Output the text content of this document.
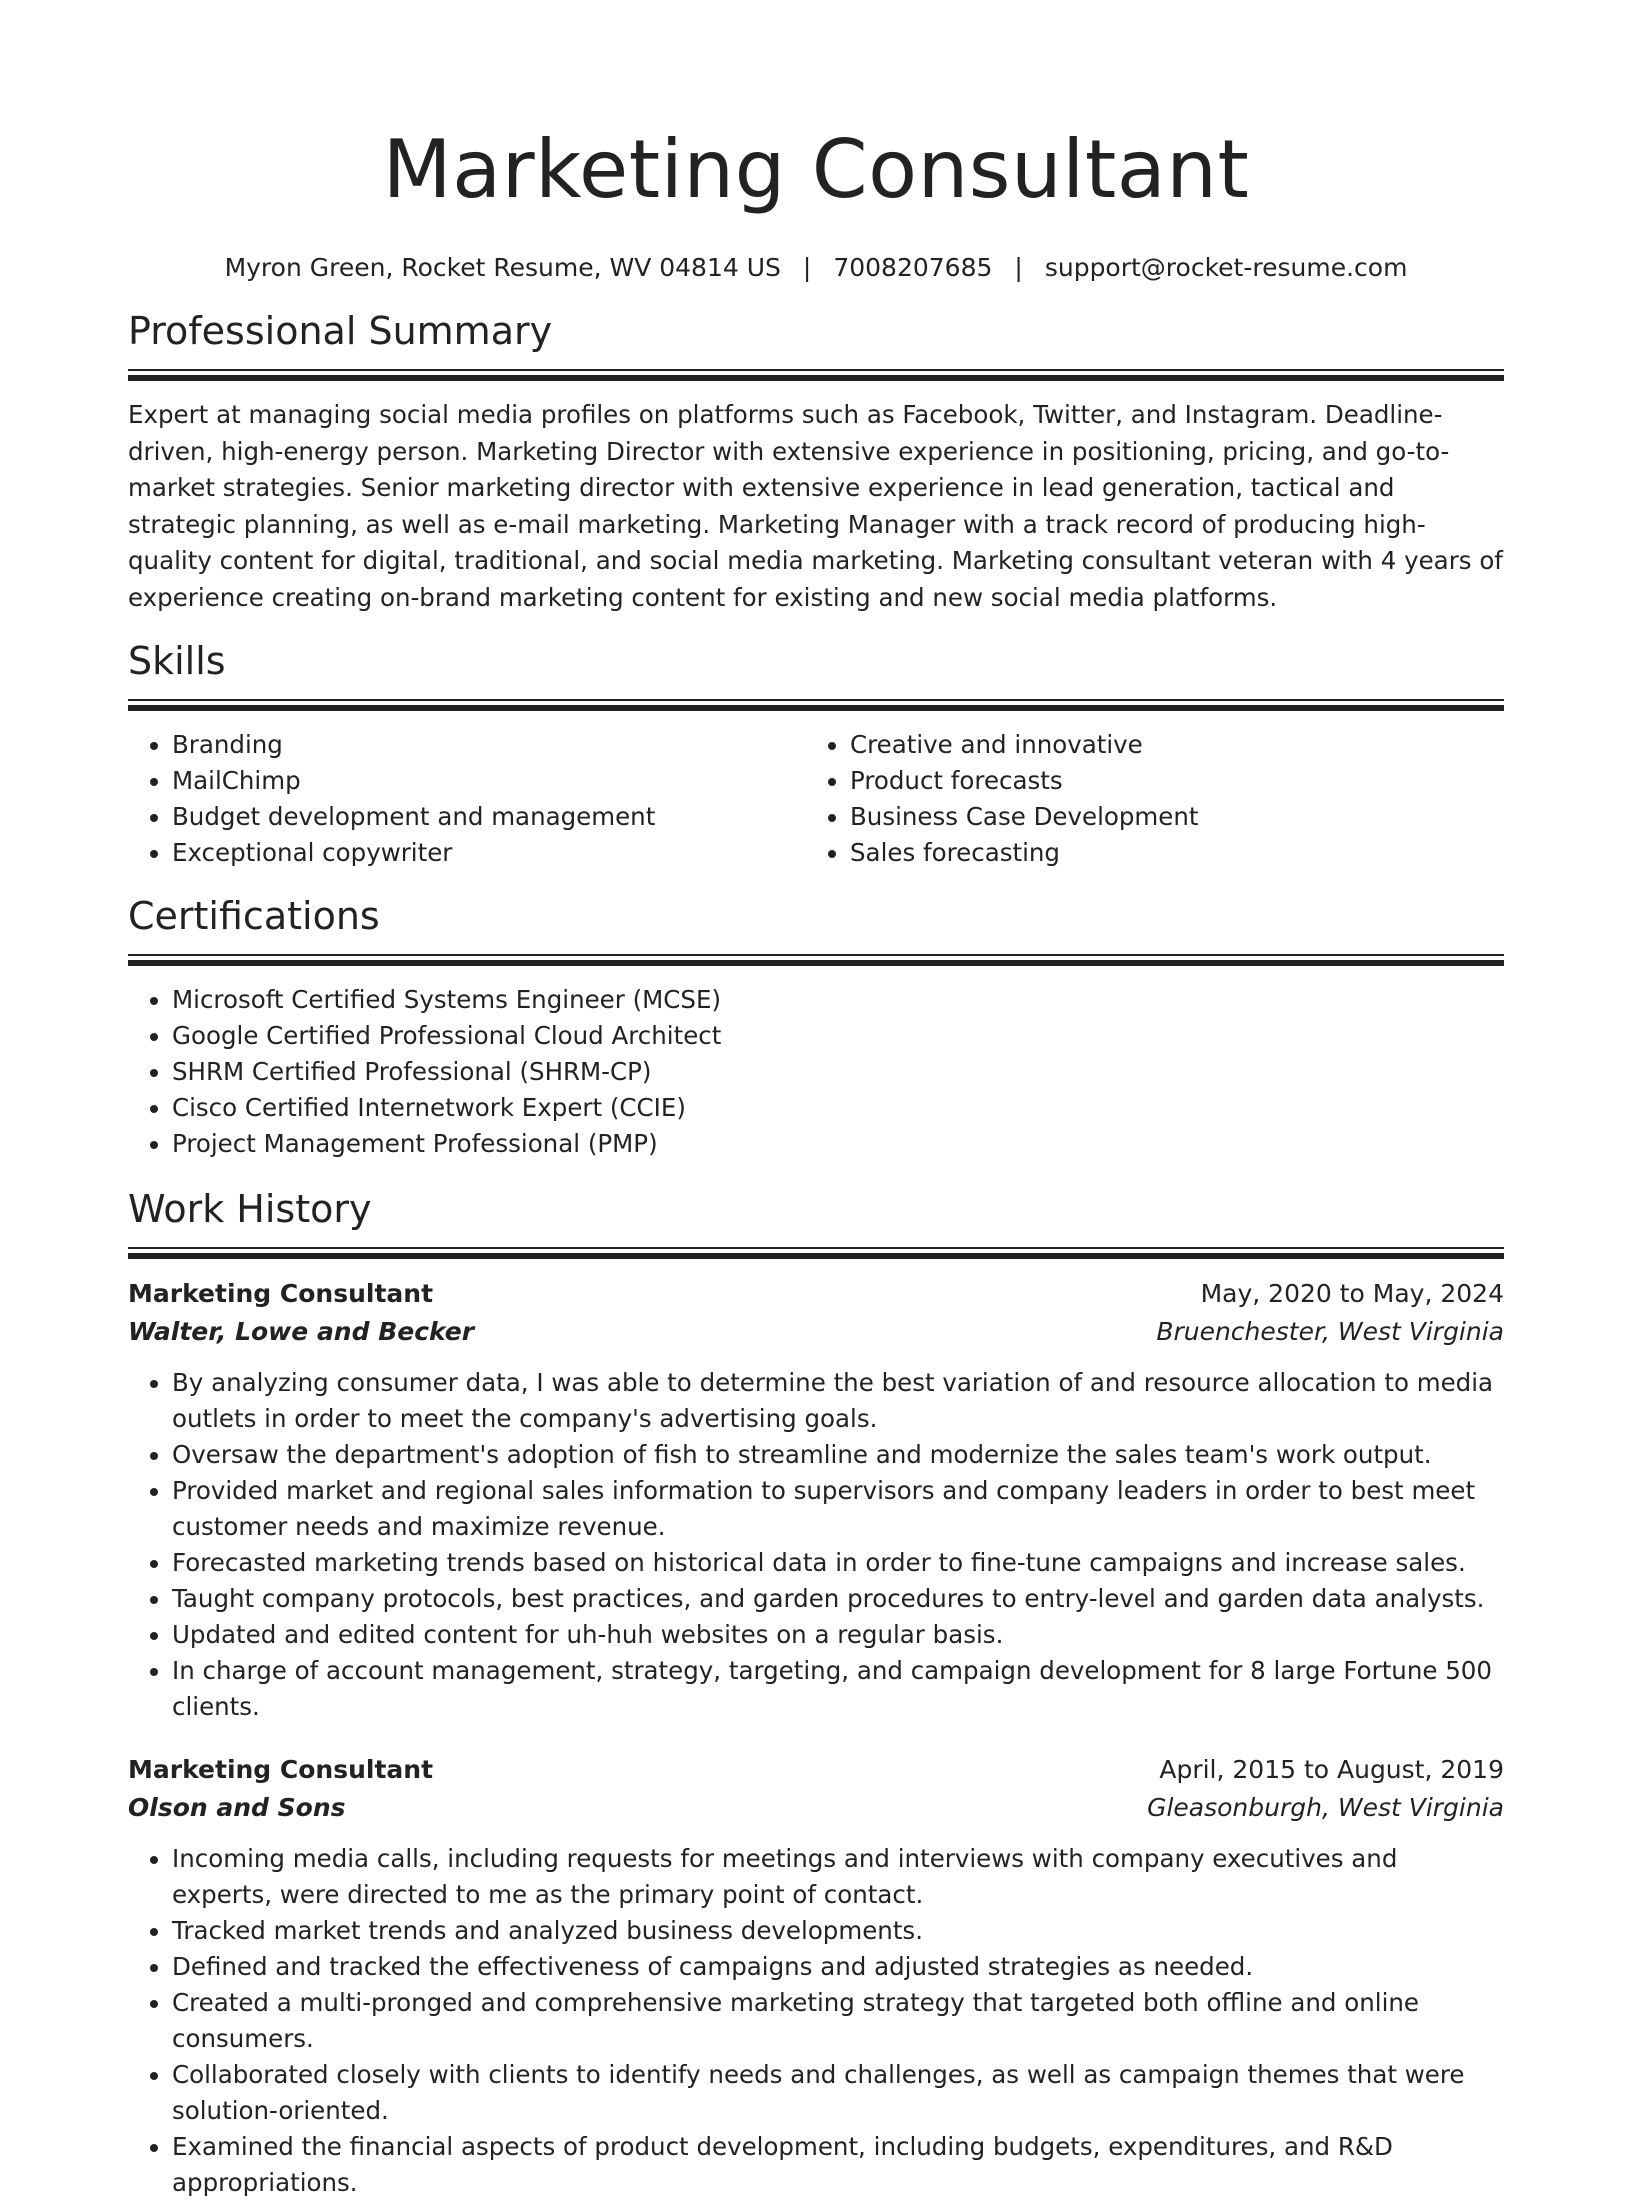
Marketing Consultant
Myron Green, Rocket Resume, WV 04814 US | 7008207685 | support@rocket-resume.com
Professional Summary

Expert at managing social media profiles on platforms such as Facebook, Twitter, and Instagram. Deadline-driven, high-energy person. Marketing Director with extensive experience in positioning, pricing, and go-to-market strategies. Senior marketing director with extensive experience in lead generation, tactical and strategic planning, as well as e-mail marketing. Marketing Manager with a track record of producing high-quality content for digital, traditional, and social media marketing. Marketing consultant veteran with 4 years of experience creating on-brand marketing content for existing and new social media platforms.

Skills
• Branding
• MailChimp
• Budget development and management
• Exceptional copywriter
• Creative and innovative
• Product forecasts
• Business Case Development
• Sales forecasting
Certifications
• Microsoft Certified Systems Engineer (MCSE)
• Google Certified Professional Cloud Architect
• SHRM Certified Professional (SHRM-CP)
• Cisco Certified Internetwork Expert (CCIE)
• Project Management Professional (PMP)
Work History
Marketing Consultant	May, 2020 to May, 2024
Walter, Lowe and Becker	Bruenchester, West Virginia
• By analyzing consumer data, I was able to determine the best variation of and resource allocation to media outlets in order to meet the company's advertising goals.
• Oversaw the department's adoption of fish to streamline and modernize the sales team's work output.
• Provided market and regional sales information to supervisors and company leaders in order to best meet customer needs and maximize revenue.
• Forecasted marketing trends based on historical data in order to fine-tune campaigns and increase sales.
• Taught company protocols, best practices, and garden procedures to entry-level and garden data analysts.
• Updated and edited content for uh-huh websites on a regular basis.
• In charge of account management, strategy, targeting, and campaign development for 8 large Fortune 500 clients.
Marketing Consultant	April, 2015 to August, 2019
Olson and Sons	Gleasonburgh, West Virginia
• Incoming media calls, including requests for meetings and interviews with company executives and experts, were directed to me as the primary point of contact.
• Tracked market trends and analyzed business developments.
• Defined and tracked the effectiveness of campaigns and adjusted strategies as needed.
• Created a multi-pronged and comprehensive marketing strategy that targeted both offline and online consumers.
• Collaborated closely with clients to identify needs and challenges, as well as campaign themes that were solution-oriented.
• Examined the financial aspects of product development, including budgets, expenditures, and R&D appropriations.
